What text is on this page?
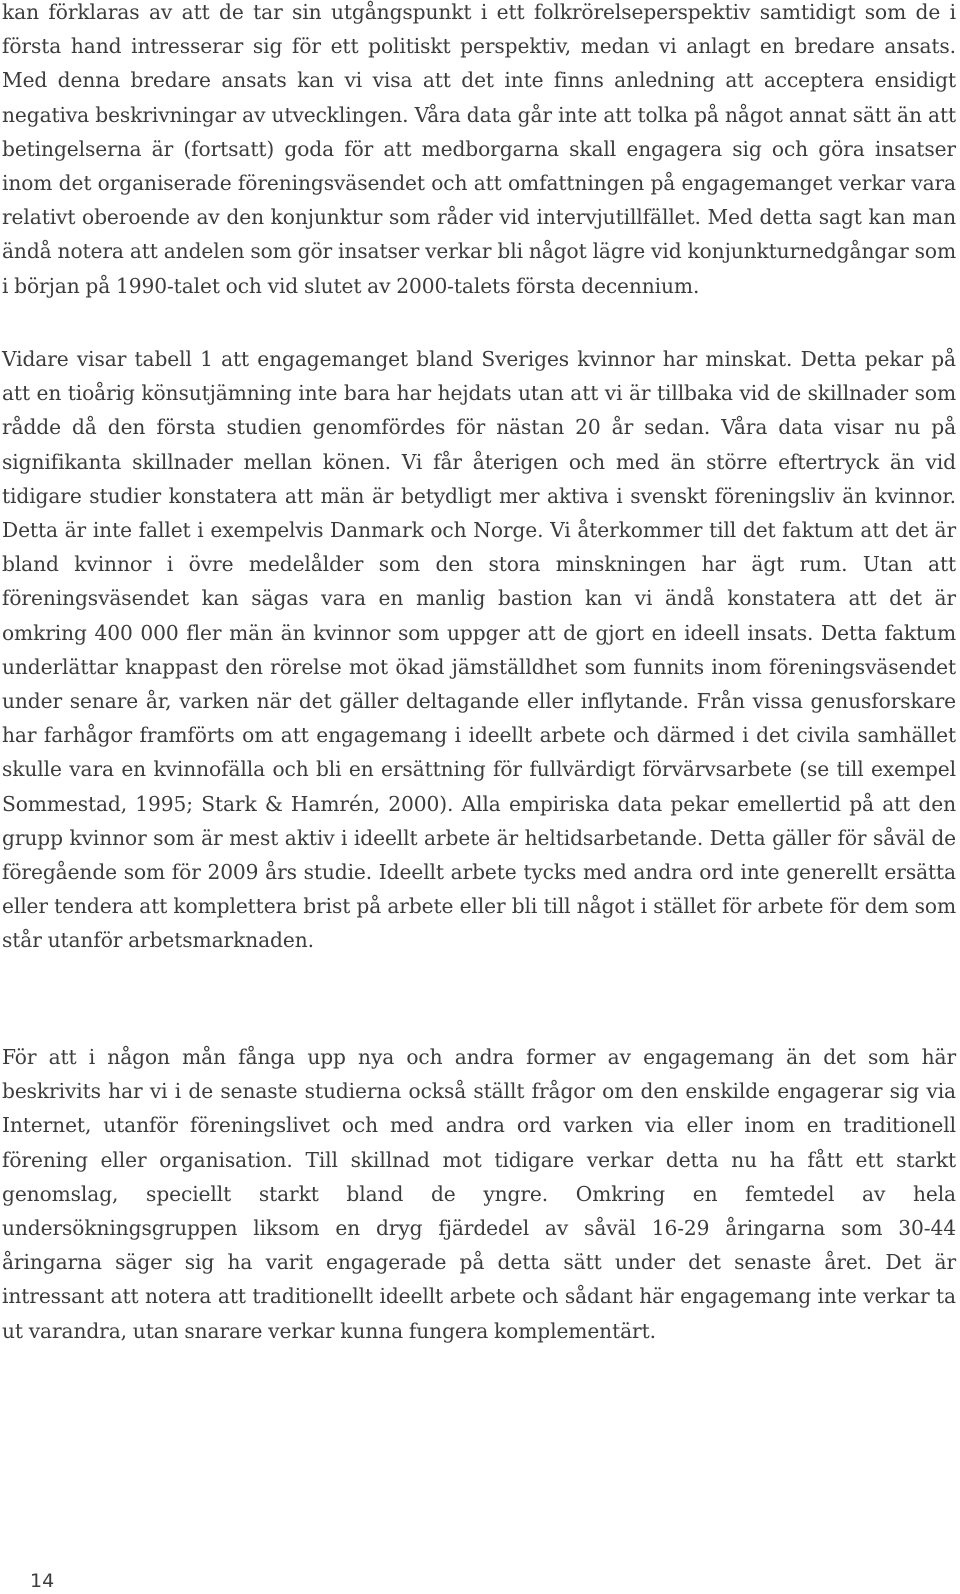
kan förklaras av att de tar sin utgångspunkt i ett folkrörelseperspektiv samtidigt som de i första hand intresserar sig för ett politiskt perspektiv, medan vi anlagt en bredare ansats. Med denna bredare ansats kan vi visa att det inte finns anledning att acceptera ensidigt negativa beskrivningar av utvecklingen. Våra data går inte att tolka på något annat sätt än att betingelserna är (fortsatt) goda för att medborgarna skall engagera sig och göra insatser inom det organiserade föreningsväsendet och att omfattningen på engagemanget verkar vara relativt oberoende av den konjunktur som råder vid intervjutillfället. Med detta sagt kan man ändå notera att andelen som gör insatser verkar bli något lägre vid konjunkturnedgångar som i början på 1990-talet och vid slutet av 2000-talets första decennium.

Vidare visar tabell 1 att engagemanget bland Sveriges kvinnor har minskat. Detta pekar på att en tioårig könsutjämning inte bara har hejdats utan att vi är tillbaka vid de skillnader som rådde då den första studien genomfördes för nästan 20 år sedan. Våra data visar nu på signifikanta skillnader mellan könen. Vi får återigen och med än större eftertryck än vid tidigare studier konstatera att män är betydligt mer aktiva i svenskt föreningsliv än kvinnor. Detta är inte fallet i exempelvis Danmark och Norge. Vi återkommer till det faktum att det är bland kvinnor i övre medelålder som den stora minskningen har ägt rum. Utan att föreningsväsendet kan sägas vara en manlig bastion kan vi ändå konstatera att det är omkring 400 000 fler män än kvinnor som uppger att de gjort en ideell insats. Detta faktum underlättar knappast den rörelse mot ökad jämställdhet som funnits inom föreningsväsendet under senare år, varken när det gäller deltagande eller inflytande. Från vissa genusforskare har farhågor framförts om att engagemang i ideellt arbete och därmed i det civila samhället skulle vara en kvinnofälla och bli en ersättning för fullvärdigt förvärvsarbete (se till exempel Sommestad, 1995; Stark & Hamrén, 2000). Alla empiriska data pekar emellertid på att den grupp kvinnor som är mest aktiv i ideellt arbete är heltidsarbetande. Detta gäller för såväl de föregående som för 2009 års studie. Ideellt arbete tycks med andra ord inte generellt ersätta eller tendera att komplettera brist på arbete eller bli till något i stället för arbete för dem som står utanför arbetsmarknaden.

För att i någon mån fånga upp nya och andra former av engagemang än det som här beskrivits har vi i de senaste studierna också ställt frågor om den enskilde engagerar sig via Internet, utanför föreningslivet och med andra ord varken via eller inom en traditionell förening eller organisation. Till skillnad mot tidigare verkar detta nu ha fått ett starkt genomslag, speciellt starkt bland de yngre. Omkring en femtedel av hela undersökningsgruppen liksom en dryg fjärdedel av såväl 16-29 åringarna som 30-44 åringarna säger sig ha varit engagerade på detta sätt under det senaste året. Det är intressant att notera att traditionellt ideellt arbete och sådant här engagemang inte verkar ta ut varandra, utan snarare verkar kunna fungera komplementärt.

14
